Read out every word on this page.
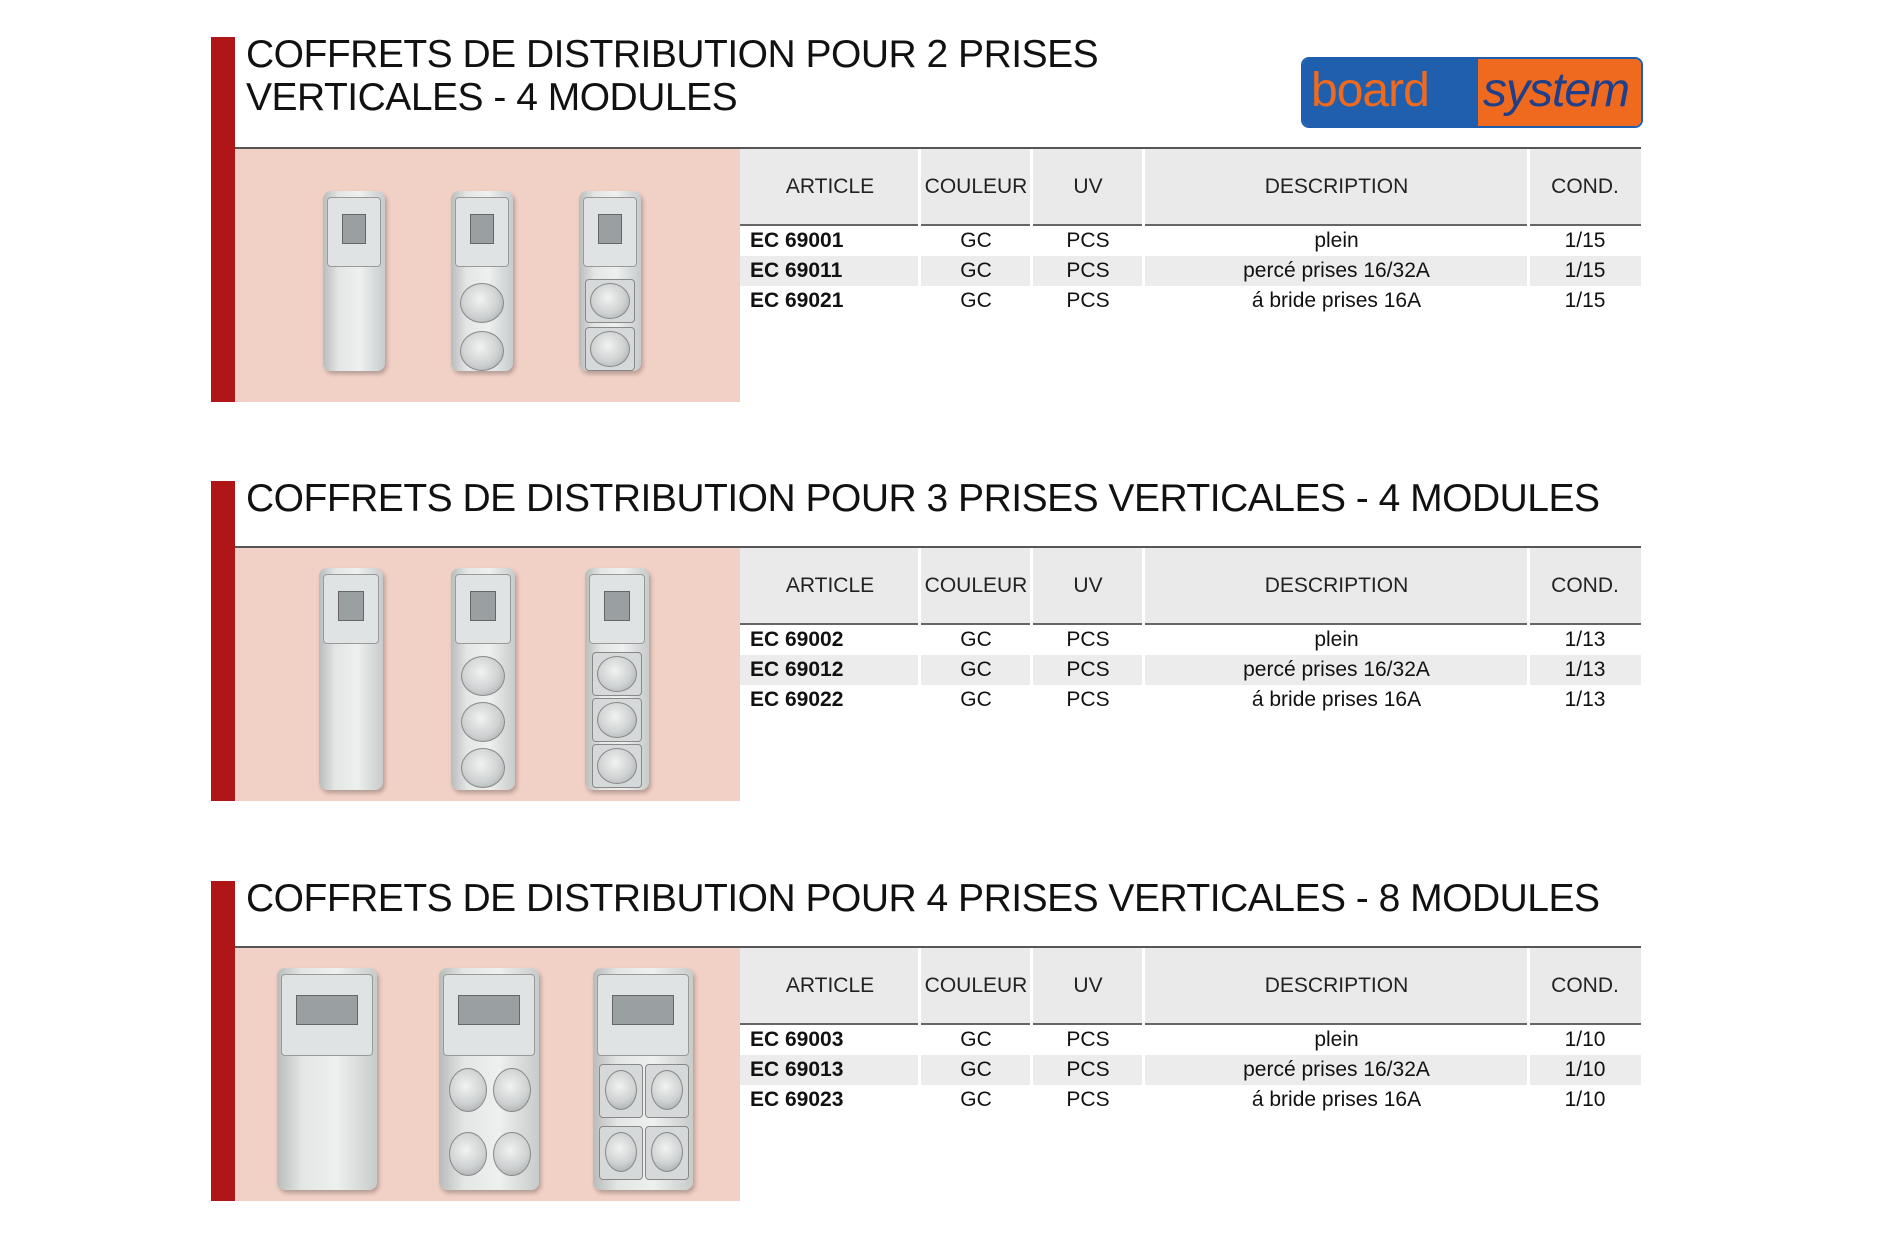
board system
COFFRETS DE DISTRIBUTION POUR 2 PRISES
VERTICALES - 4 MODULES
ARTICLE	COULEUR	UV	DESCRIPTION	COND.
EC 69001	GC	PCS	plein	1/15
EC 69011	GC	PCS	percé prises 16/32A	1/15
EC 69021	GC	PCS	á bride prises 16A	1/15
COFFRETS DE DISTRIBUTION POUR 3 PRISES VERTICALES - 4 MODULES
ARTICLE	COULEUR	UV	DESCRIPTION	COND.
EC 69002	GC	PCS	plein	1/13
EC 69012	GC	PCS	percé prises 16/32A	1/13
EC 69022	GC	PCS	á bride prises 16A	1/13
COFFRETS DE DISTRIBUTION POUR 4 PRISES VERTICALES - 8 MODULES
ARTICLE	COULEUR	UV	DESCRIPTION	COND.
EC 69003	GC	PCS	plein	1/10
EC 69013	GC	PCS	percé prises 16/32A	1/10
EC 69023	GC	PCS	á bride prises 16A	1/10
